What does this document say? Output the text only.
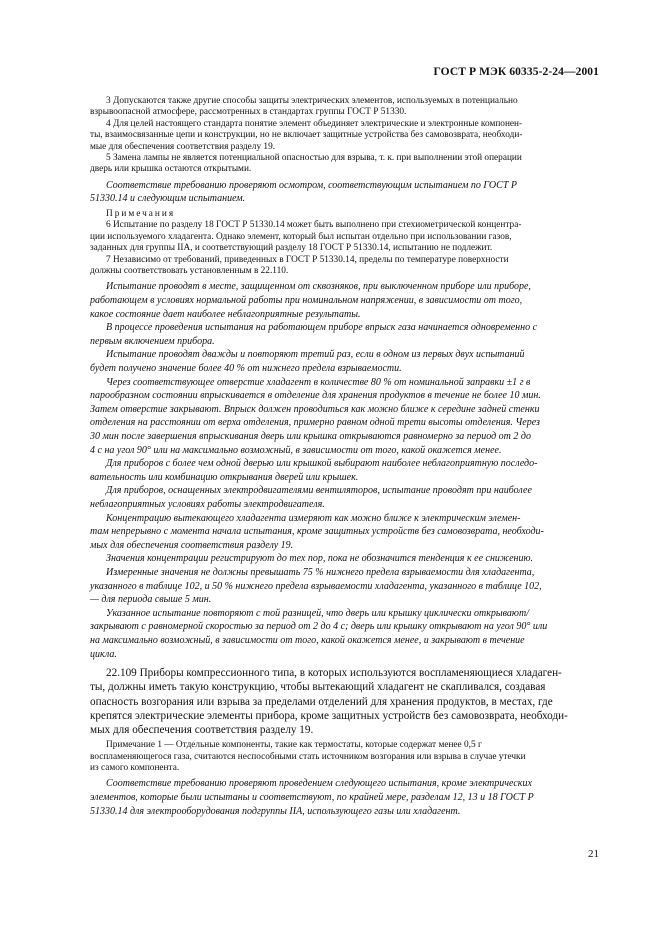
ГОСТ Р МЭК 60335-2-24—2001

3 Допускаются также другие способы защиты электрических элементов, используемых в потенциально
взрывоопасной атмосфере, рассмотренных в стандартах группы ГОСТ Р 51330.

4 Для целей настоящего стандарта понятие элемент объединяет электрические и электронные компонен-
ты, взаимосвязанные цепи и конструкции, но не включает защитные устройства без самовозврата, необходи-
мые для обеспечения соответствия разделу 19.

5 Замена лампы не является потенциальной опасностью для взрыва, т. к. при выполнении этой операции
дверь или крышка остаются открытыми.

Соответствие требованию проверяют осмотром, соответствующим испытанием по ГОСТ Р
51330.14 и следующим испытанием.

Примечания

6 Испытание по разделу 18 ГОСТ Р 51330.14 может быть выполнено при стехиометрической концентра-
ции используемого хладагента. Однако элемент, который был испытан отдельно при использовании газов,
заданных для группы IIA, и соответствующий разделу 18 ГОСТ Р 51330.14, испытанию не подлежит.

7 Независимо от требований, приведенных в ГОСТ Р 51330.14, пределы по температуре поверхности
должны соответствовать установленным в 22.110.

Испытание проводят в месте, защищенном от сквозняков, при выключенном приборе или приборе,
работающем в условиях нормальной работы при номинальном напряжении, в зависимости от того,
какое состояние дает наиболее неблагоприятные результаты.

В процессе проведения испытания на работающем приборе впрыск газа начинается одновременно с
первым включением прибора.

Испытание проводят дважды и повторяют третий раз, если в одном из первых двух испытаний
будет получено значение более 40 % от нижнего предела взрываемости.

Через соответствующее отверстие хладагент в количестве 80 % от номинальной заправки ±1 г в
парообразном состоянии впрыскивается в отделение для хранения продуктов в течение не более 10 мин.
Затем отверстие закрывают. Впрыск должен проводиться как можно ближе к середине задней стенки
отделения на расстоянии от верха отделения, примерно равном одной трети высоты отделения. Через
30 мин после завершения впрыскивания дверь или крышка открываются равномерно за период от 2 до
4 с на угол 90° или на максимально возможный, в зависимости от того, какой окажется менее.

Для приборов с более чем одной дверью или крышкой выбирают наиболее неблагоприятную последо-
вательность или комбинацию открывания дверей или крышек.

Для приборов, оснащенных электродвигателями вентиляторов, испытание проводят при наиболее
неблагоприятных условиях работы электродвигателя.

Концентрацию вытекающего хладагента измеряют как можно ближе к электрическим элемен-
там непрерывно с момента начала испытания, кроме защитных устройств без самовозврата, необходи-
мых для обеспечения соответствия разделу 19.

Значения концентрации регистрируют до тех пор, пока не обозначится тенденция к ее снижению.

Измеренные значения не должны превышать 75 % нижнего предела взрываемости для хладагента,
указанного в таблице 102, и 50 % нижнего предела взрываемости хладагента, указанного в таблице 102,
— для периода свыше 5 мин.

Указанное испытание повторяют с той разницей, что дверь или крышку циклически открывают/
закрывают с равномерной скоростью за период от 2 до 4 с; дверь или крышку открывают на угол 90° или
на максимально возможный, в зависимости от того, какой окажется менее, и закрывают в течение
цикла.

22.109 Приборы компрессионного типа, в которых используются воспламеняющиеся хладаген-
ты, должны иметь такую конструкцию, чтобы вытекающий хладагент не скапливался, создавая
опасность возгорания или взрыва за пределами отделений для хранения продуктов, в местах, где
крепятся электрические элементы прибора, кроме защитных устройств без самовозврата, необходи-
мых для обеспечения соответствия разделу 19.

Примечание 1 — Отдельные компоненты, такие как термостаты, которые содержат менее 0,5 г
воспламеняющегося газа, считаются неспособными стать источником возгорания или взрыва в случае утечки
из самого компонента.

Соответствие требованию проверяют проведением следующего испытания, кроме электрических
элементов, которые были испытаны и соответствуют, по крайней мере, разделам 12, 13 и 18 ГОСТ Р
51330.14 для электрооборудования подгруппы IIA, использующего газы или хладагент.

21
